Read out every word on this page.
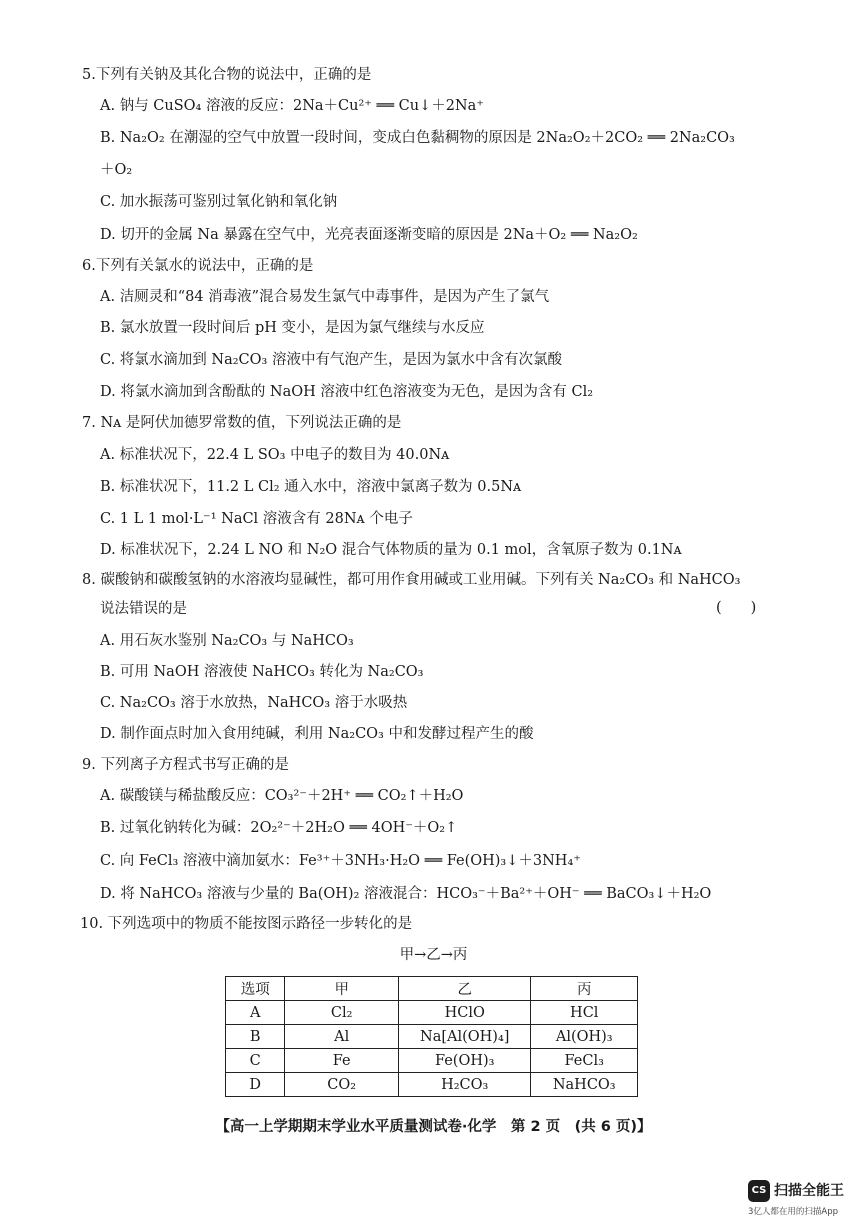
5.下列有关钠及其化合物的说法中，正确的是
A. 钠与 CuSO₄ 溶液的反应：2Na＋Cu²⁺ ══ Cu↓＋2Na⁺
B. Na₂O₂ 在潮湿的空气中放置一段时间，变成白色黏稠物的原因是 2Na₂O₂＋2CO₂ ══ 2Na₂CO₃
＋O₂
C. 加水振荡可鉴别过氧化钠和氧化钠
D. 切开的金属 Na 暴露在空气中，光亮表面逐渐变暗的原因是 2Na＋O₂ ══ Na₂O₂
6.下列有关氯水的说法中，正确的是
A. 洁厕灵和“84 消毒液”混合易发生氯气中毒事件，是因为产生了氯气
B. 氯水放置一段时间后 pH 变小，是因为氯气继续与水反应
C. 将氯水滴加到 Na₂CO₃ 溶液中有气泡产生，是因为氯水中含有次氯酸
D. 将氯水滴加到含酚酞的 NaOH 溶液中红色溶液变为无色，是因为含有 Cl₂
7. Nᴀ 是阿伏加德罗常数的值，下列说法正确的是
A. 标准状况下，22.4 L SO₃ 中电子的数目为 40.0Nᴀ
B. 标准状况下，11.2 L Cl₂ 通入水中，溶液中氯离子数为 0.5Nᴀ
C. 1 L 1 mol·L⁻¹ NaCl 溶液含有 28Nᴀ 个电子
D. 标准状况下，2.24 L NO 和 N₂O 混合气体物质的量为 0.1 mol，含氧原子数为 0.1Nᴀ
8. 碳酸钠和碳酸氢钠的水溶液均显碱性，都可用作食用碱或工业用碱。下列有关 Na₂CO₃ 和 NaHCO₃
说法错误的是	(　　)
A. 用石灰水鉴别 Na₂CO₃ 与 NaHCO₃
B. 可用 NaOH 溶液使 NaHCO₃ 转化为 Na₂CO₃
C. Na₂CO₃ 溶于水放热，NaHCO₃ 溶于水吸热
D. 制作面点时加入食用纯碱，利用 Na₂CO₃ 中和发酵过程产生的酸
9. 下列离子方程式书写正确的是
A. 碳酸镁与稀盐酸反应：CO₃²⁻＋2H⁺ ══ CO₂↑＋H₂O
B. 过氧化钠转化为碱：2O₂²⁻＋2H₂O ══ 4OH⁻＋O₂↑
C. 向 FeCl₃ 溶液中滴加氨水：Fe³⁺＋3NH₃·H₂O ══ Fe(OH)₃↓＋3NH₄⁺
D. 将 NaHCO₃ 溶液与少量的 Ba(OH)₂ 溶液混合：HCO₃⁻＋Ba²⁺＋OH⁻ ══ BaCO₃↓＋H₂O
10. 下列选项中的物质不能按图示路径一步转化的是
甲→乙→丙
选项	甲	乙	丙
A	Cl₂	HClO	HCl
B	Al	Na[Al(OH)₄]	Al(OH)₃
C	Fe	Fe(OH)₃	FeCl₃
D	CO₂	H₂CO₃	NaHCO₃
【高一上学期期末学业水平质量测试卷·化学　第 2 页　(共 6 页)】
CS 扫描全能王
3亿人都在用的扫描App
